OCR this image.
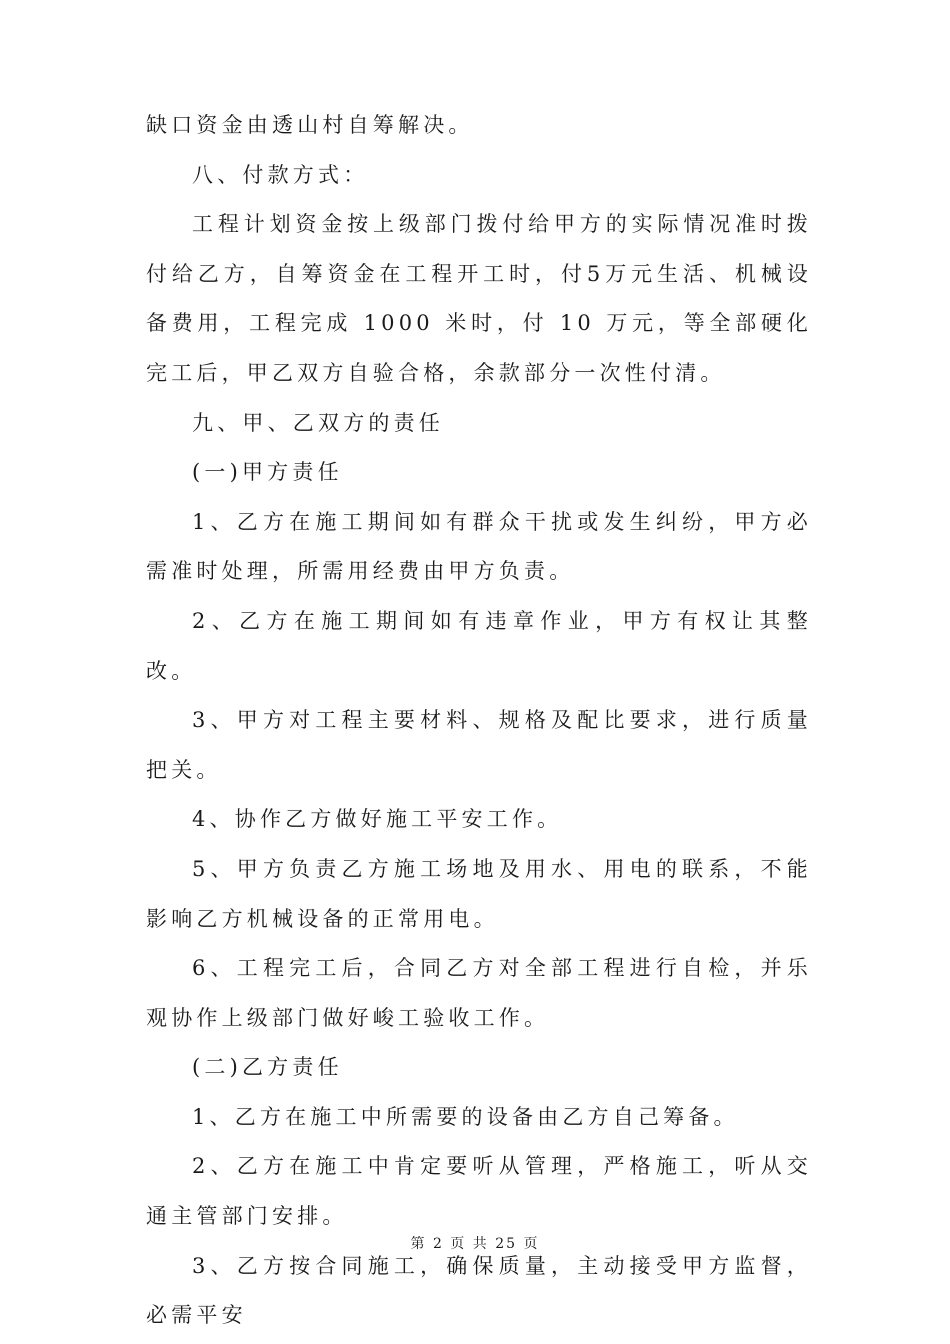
缺口资金由透山村自筹解决。

八、付款方式：

工程计划资金按上级部门拨付给甲方的实际情况准时拨付给乙方，自筹资金在工程开工时，付5万元生活、机械设备费用，工程完成 1000 米时，付 10 万元，等全部硬化完工后，甲乙双方自验合格，余款部分一次性付清。

九、甲、乙双方的责任

(一)甲方责任

1、乙方在施工期间如有群众干扰或发生纠纷，甲方必需准时处理，所需用经费由甲方负责。

2、乙方在施工期间如有违章作业，甲方有权让其整改。

3、甲方对工程主要材料、规格及配比要求，进行质量把关。

4、协作乙方做好施工平安工作。

5、甲方负责乙方施工场地及用水、用电的联系，不能影响乙方机械设备的正常用电。

6、工程完工后，合同乙方对全部工程进行自检，并乐观协作上级部门做好峻工验收工作。

(二)乙方责任

1、乙方在施工中所需要的设备由乙方自己筹备。

2、乙方在施工中肯定要听从管理，严格施工，听从交通主管部门安排。

3、乙方按合同施工，确保质量，主动接受甲方监督，必需平安

第 2 页 共 25 页
